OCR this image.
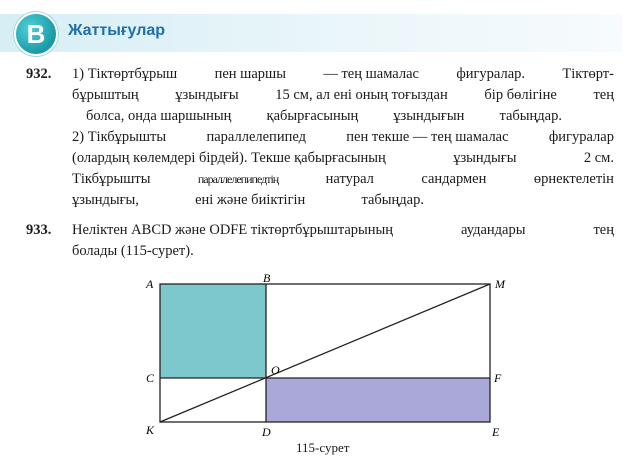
B	Жаттығулар
932.	1) Тіктөртбұрыш	пен шаршы	— тең шамалас	фигуралар.	Тіктөрт-
бұрыштың	ұзындығы	15 см, ал ені оның тоғыздан	бір бөлігіне	тең
болса, онда шаршының қабырғасының ұзындығын табыңдар.
2) Тікбұрышты	параллелепипед	пен текше — тең шамалас	фигуралар
(олардың көлемдері бірдей). Текше қабырғасының	ұзындығы	2 см.
Тікбұрышты	параллелепипедтің	натурал	сандармен	өрнектелетін
ұзындығы,	ені және биіктігін	табыңдар.
933.	Неліктен ABCD және ODFE тіктөртбұрыштарының	аудандары	тең
болады (115-сурет).
A	B	M
C
O
F
K	D	E
115-сурет
